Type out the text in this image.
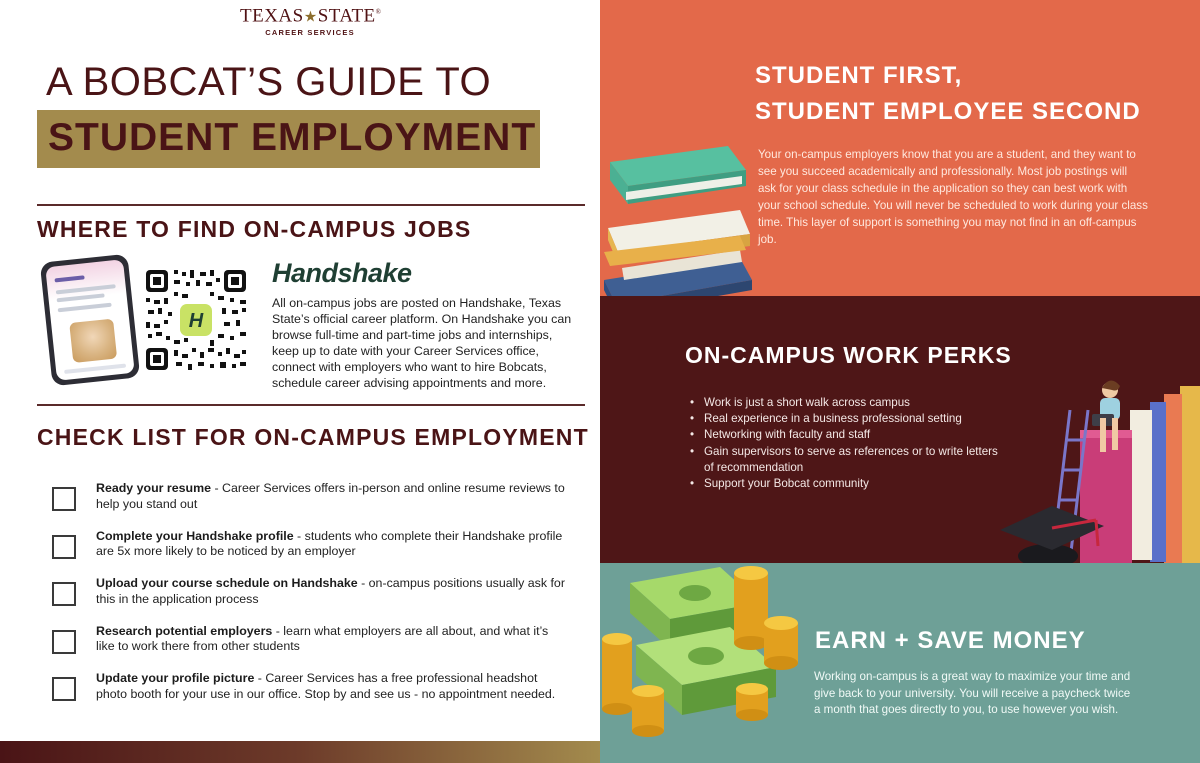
TEXAS★STATE®
CAREER SERVICES
A BOBCAT’S GUIDE TO
STUDENT EMPLOYMENT
WHERE TO FIND ON-CAMPUS JOBS
H
Handshake
All on-campus jobs are posted on Handshake, Texas State’s official career platform. On Handshake you can browse full-time and part-time jobs and internships, keep up to date with your Career Services office, connect with employers who want to hire Bobcats, schedule career advising appointments and more.
CHECK LIST FOR ON-CAMPUS EMPLOYMENT
Ready your resume - Career Services offers in-person and online resume reviews to help you stand out
Complete your Handshake profile - students who complete their Handshake profile are 5x more likely to be noticed by an employer
Upload your course schedule on Handshake - on-campus positions usually ask for this in the application process
Research potential employers - learn what employers are all about, and what it’s like to work there from other students
Update your profile picture - Career Services has a free professional headshot photo booth for your use in our office. Stop by and see us - no appointment needed.
STUDENT FIRST,
STUDENT EMPLOYEE SECOND
Your on-campus employers know that you are a student, and they want to see you succeed academically and professionally. Most job postings will ask for your class schedule in the application so they can best work with your school schedule. You will never be scheduled to work during your class time. This layer of support is something you may not find in an off-campus job.
ON-CAMPUS WORK PERKS
• Work is just a short walk across campus
• Real experience in a business professional setting
• Networking with faculty and staff
• Gain supervisors to serve as references or to write letters of recommendation
• Support your Bobcat community
EARN + SAVE MONEY
Working on-campus is a great way to maximize your time and give back to your university. You will receive a paycheck twice a month that goes directly to you, to use however you wish.
